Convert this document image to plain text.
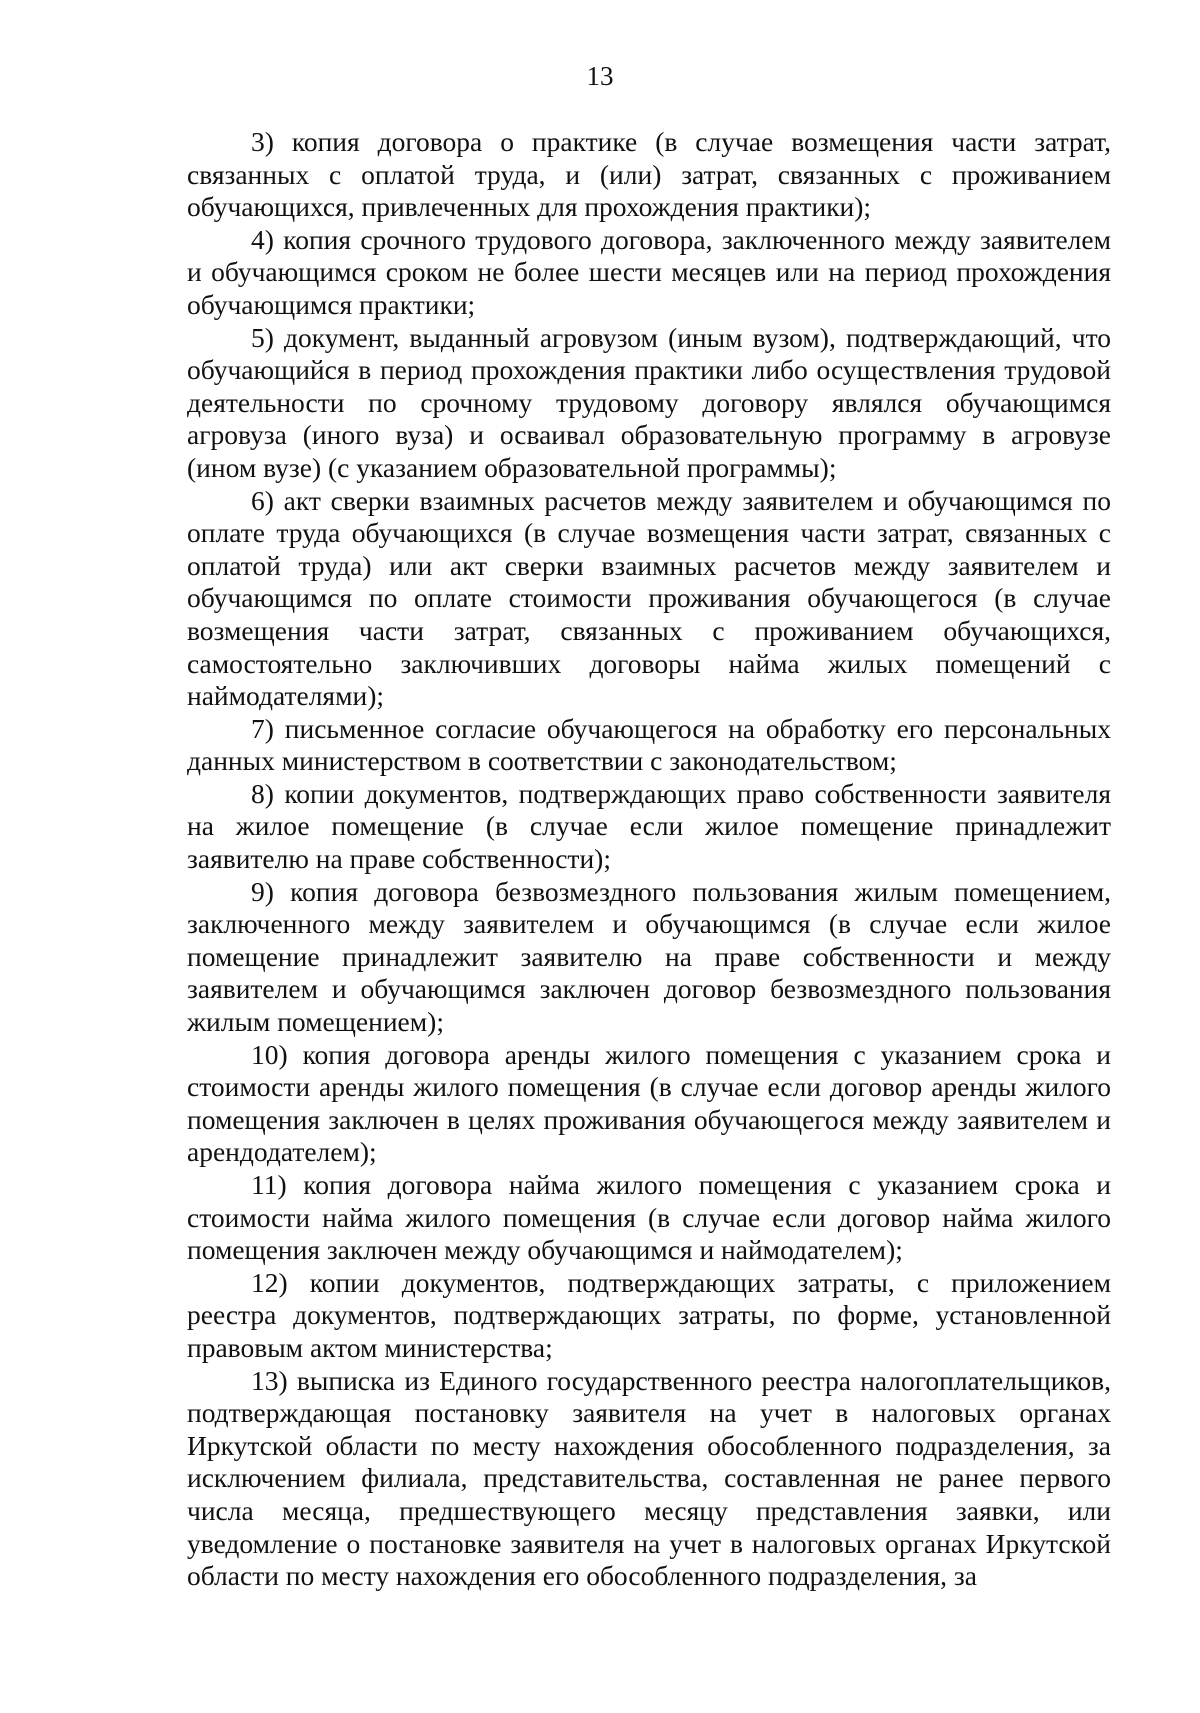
13

3) копия договора о практике (в случае возмещения части затрат, связанных с оплатой труда, и (или) затрат, связанных с проживанием обучающихся, привлеченных для прохождения практики);

4) копия срочного трудового договора, заключенного между заявителем и обучающимся сроком не более шести месяцев или на период прохождения обучающимся практики;

5) документ, выданный агровузом (иным вузом), подтверждающий, что обучающийся в период прохождения практики либо осуществления трудовой деятельности по срочному трудовому договору являлся обучающимся агровуза (иного вуза) и осваивал образовательную программу в агровузе (ином вузе) (с указанием образовательной программы);

6) акт сверки взаимных расчетов между заявителем и обучающимся по оплате труда обучающихся (в случае возмещения части затрат, связанных с оплатой труда) или акт сверки взаимных расчетов между заявителем и обучающимся по оплате стоимости проживания обучающегося (в случае возмещения части затрат, связанных с проживанием обучающихся, самостоятельно заключивших договоры найма жилых помещений с наймодателями);

7) письменное согласие обучающегося на обработку его персональных данных министерством в соответствии с законодательством;

8) копии документов, подтверждающих право собственности заявителя на жилое помещение (в случае если жилое помещение принадлежит заявителю на праве собственности);

9) копия договора безвозмездного пользования жилым помещением, заключенного между заявителем и обучающимся (в случае если жилое помещение принадлежит заявителю на праве собственности и между заявителем и обучающимся заключен договор безвозмездного пользования жилым помещением);

10) копия договора аренды жилого помещения с указанием срока и стоимости аренды жилого помещения (в случае если договор аренды жилого помещения заключен в целях проживания обучающегося между заявителем и арендодателем);

11) копия договора найма жилого помещения с указанием срока и стоимости найма жилого помещения (в случае если договор найма жилого помещения заключен между обучающимся и наймодателем);

12) копии документов, подтверждающих затраты, с приложением реестра документов, подтверждающих затраты, по форме, установленной правовым актом министерства;

13) выписка из Единого государственного реестра налогоплательщиков, подтверждающая постановку заявителя на учет в налоговых органах Иркутской области по месту нахождения обособленного подразделения, за исключением филиала, представительства, составленная не ранее первого числа месяца, предшествующего месяцу представления заявки, или уведомление о постановке заявителя на учет в налоговых органах Иркутской области по месту нахождения его обособленного подразделения, за
